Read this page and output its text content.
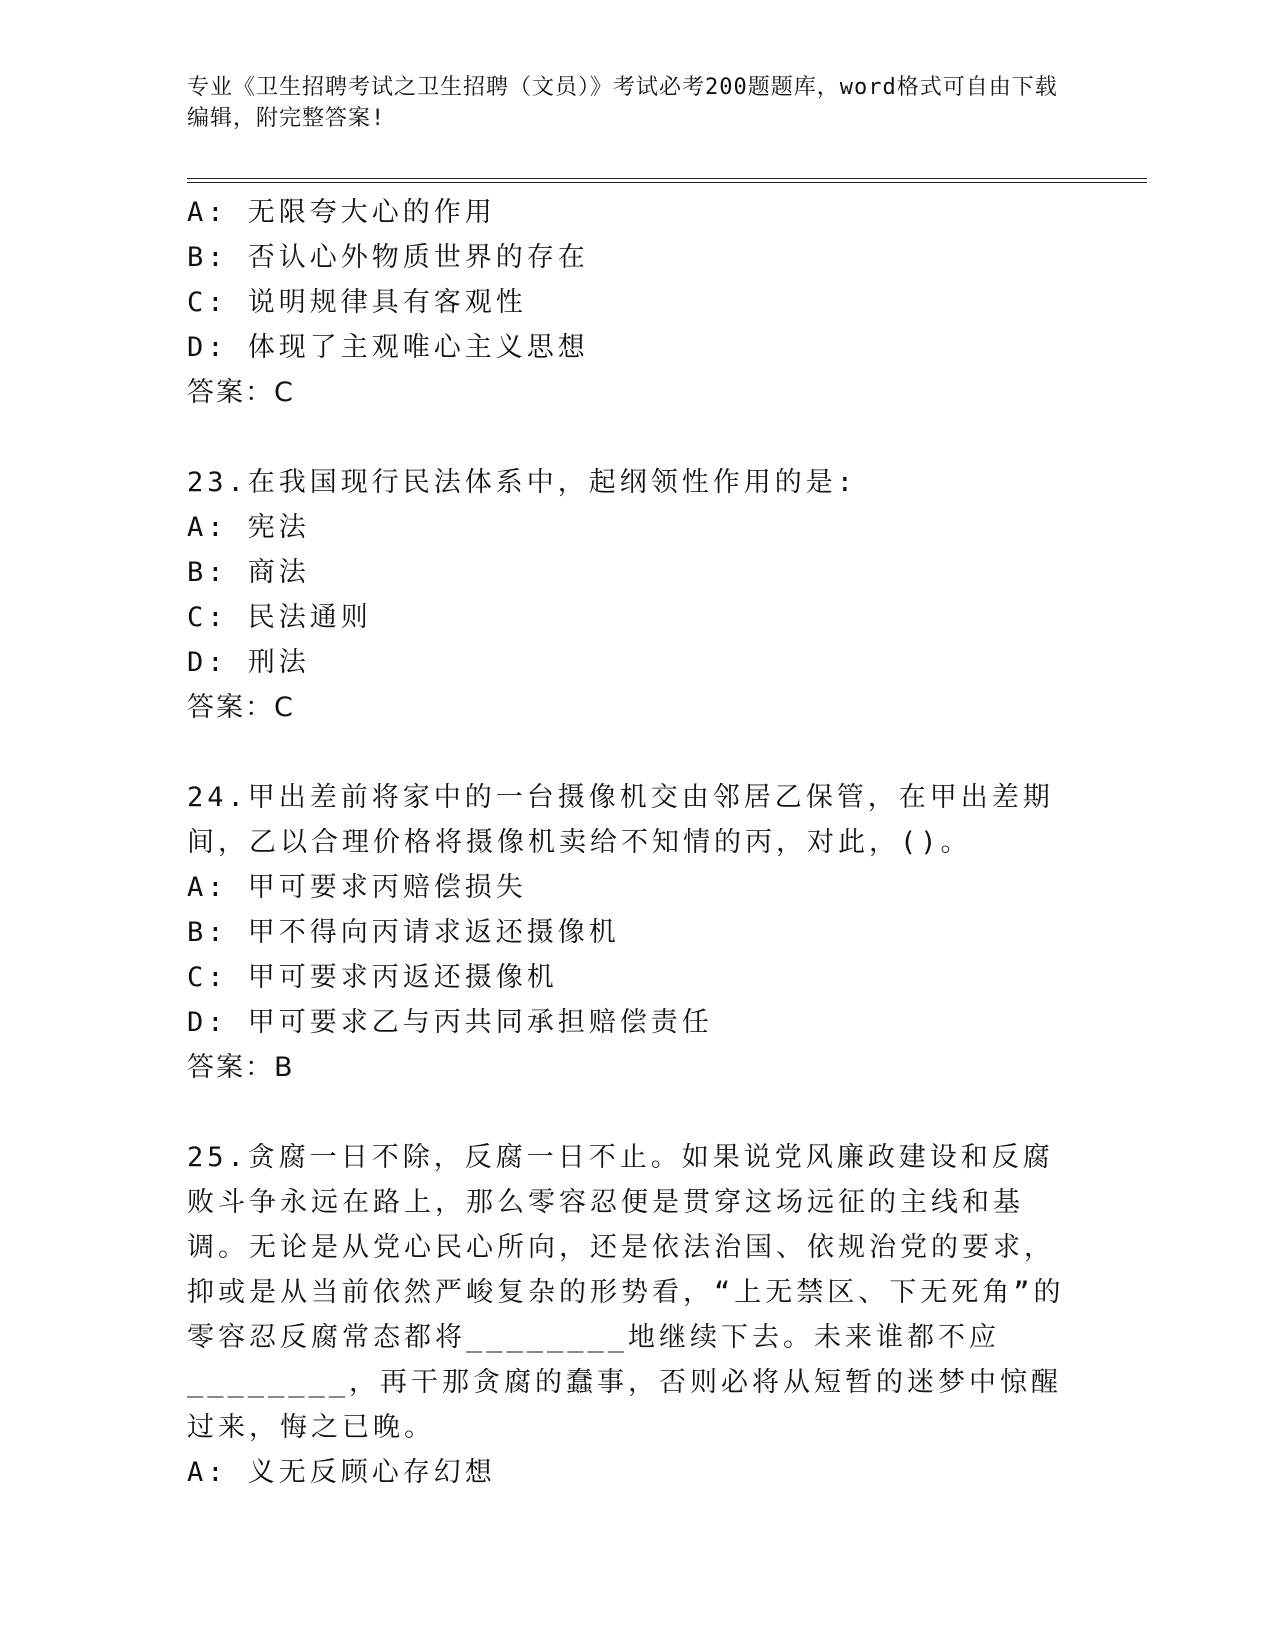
专业《卫生招聘考试之卫生招聘（文员）》考试必考200题题库，word格式可自由下载编辑，附完整答案!
A: 无限夸大心的作用
B: 否认心外物质世界的存在
C: 说明规律具有客观性
D: 体现了主观唯心主义思想
答案：C
23.在我国现行民法体系中，起纲领性作用的是:
A: 宪法
B: 商法
C: 民法通则
D: 刑法
答案：C
24.甲出差前将家中的一台摄像机交由邻居乙保管，在甲出差期间，乙以合理价格将摄像机卖给不知情的丙，对此，()。
A: 甲可要求丙赔偿损失
B: 甲不得向丙请求返还摄像机
C: 甲可要求丙返还摄像机
D: 甲可要求乙与丙共同承担赔偿责任
答案：B
25.贪腐一日不除，反腐一日不止。如果说党风廉政建设和反腐败斗争永远在路上，那么零容忍便是贯穿这场远征的主线和基调。无论是从党心民心所向，还是依法治国、依规治党的要求，抑或是从当前依然严峻复杂的形势看，“上无禁区、下无死角”的零容忍反腐常态都将________地继续下去。未来谁都不应________，再干那贪腐的蠢事，否则必将从短暂的迷梦中惊醒过来，悔之已晚。
A: 义无反顾心存幻想
